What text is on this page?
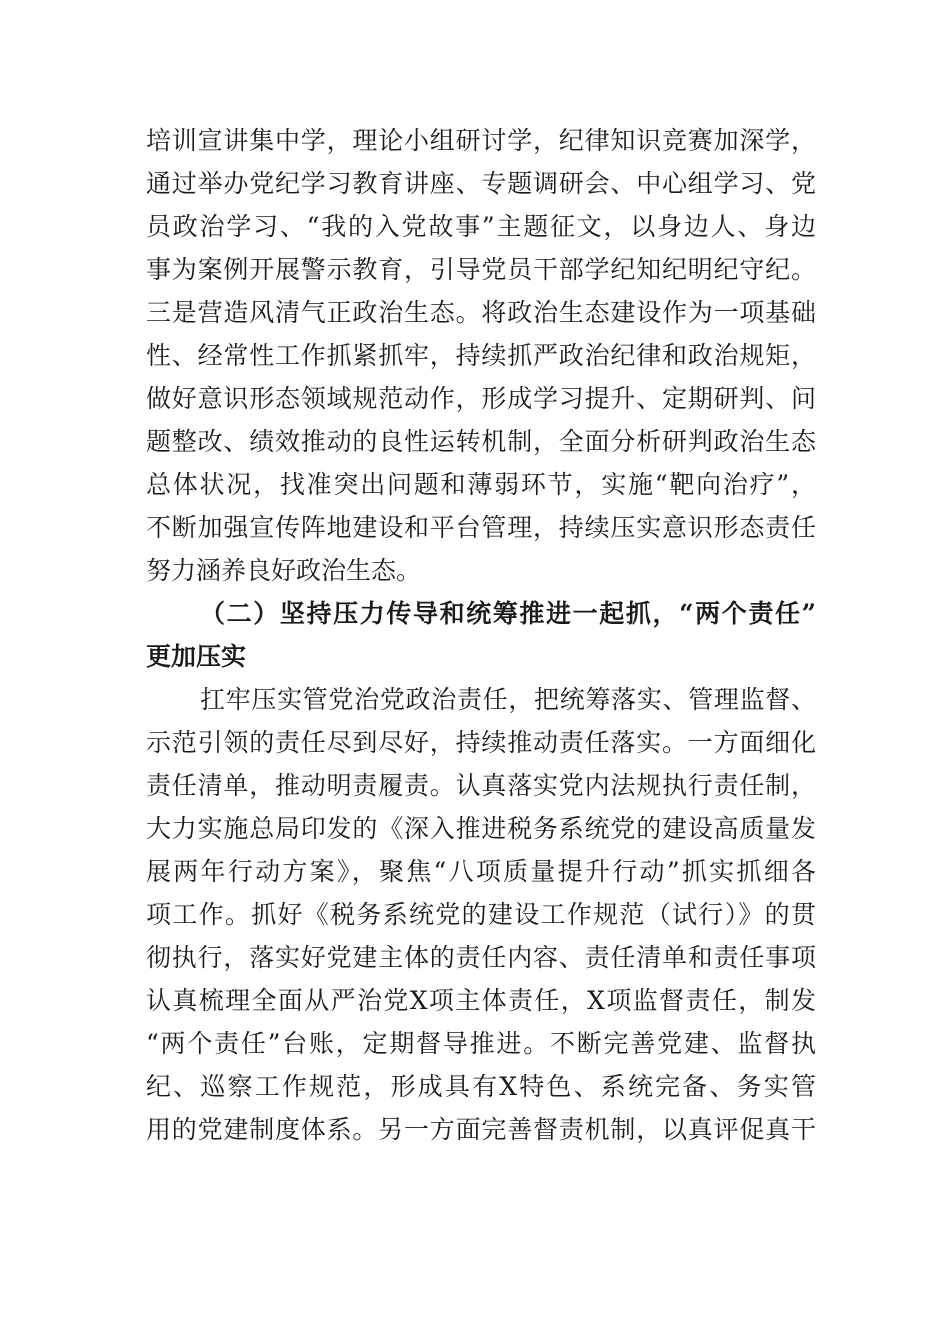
培训宣讲集中学，理论小组研讨学，纪律知识竞赛加深学，
通过举办党纪学习教育讲座、专题调研会、中心组学习、党
员政治学习、“我的入党故事”主题征文，以身边人、身边
事为案例开展警示教育，引导党员干部学纪知纪明纪守纪。
三是营造风清气正政治生态。将政治生态建设作为一项基础
性、经常性工作抓紧抓牢，持续抓严政治纪律和政治规矩，
做好意识形态领域规范动作，形成学习提升、定期研判、问
题整改、绩效推动的良性运转机制，全面分析研判政治生态
总体状况，找准突出问题和薄弱环节，实施“靶向治疗”，
不断加强宣传阵地建设和平台管理，持续压实意识形态责任
努力涵养良好政治生态。
（二）坚持压力传导和统筹推进一起抓，“两个责任”
更加压实
扛牢压实管党治党政治责任，把统筹落实、管理监督、
示范引领的责任尽到尽好，持续推动责任落实。一方面细化
责任清单，推动明责履责。认真落实党内法规执行责任制，
大力实施总局印发的《深入推进税务系统党的建设高质量发
展两年行动方案》，聚焦“八项质量提升行动”抓实抓细各
项工作。抓好《税务系统党的建设工作规范（试行）》的贯
彻执行，落实好党建主体的责任内容、责任清单和责任事项
认真梳理全面从严治党X项主体责任，X项监督责任，制发
“两个责任”台账，定期督导推进。不断完善党建、监督执
纪、巡察工作规范，形成具有X特色、系统完备、务实管
用的党建制度体系。另一方面完善督责机制，以真评促真干
